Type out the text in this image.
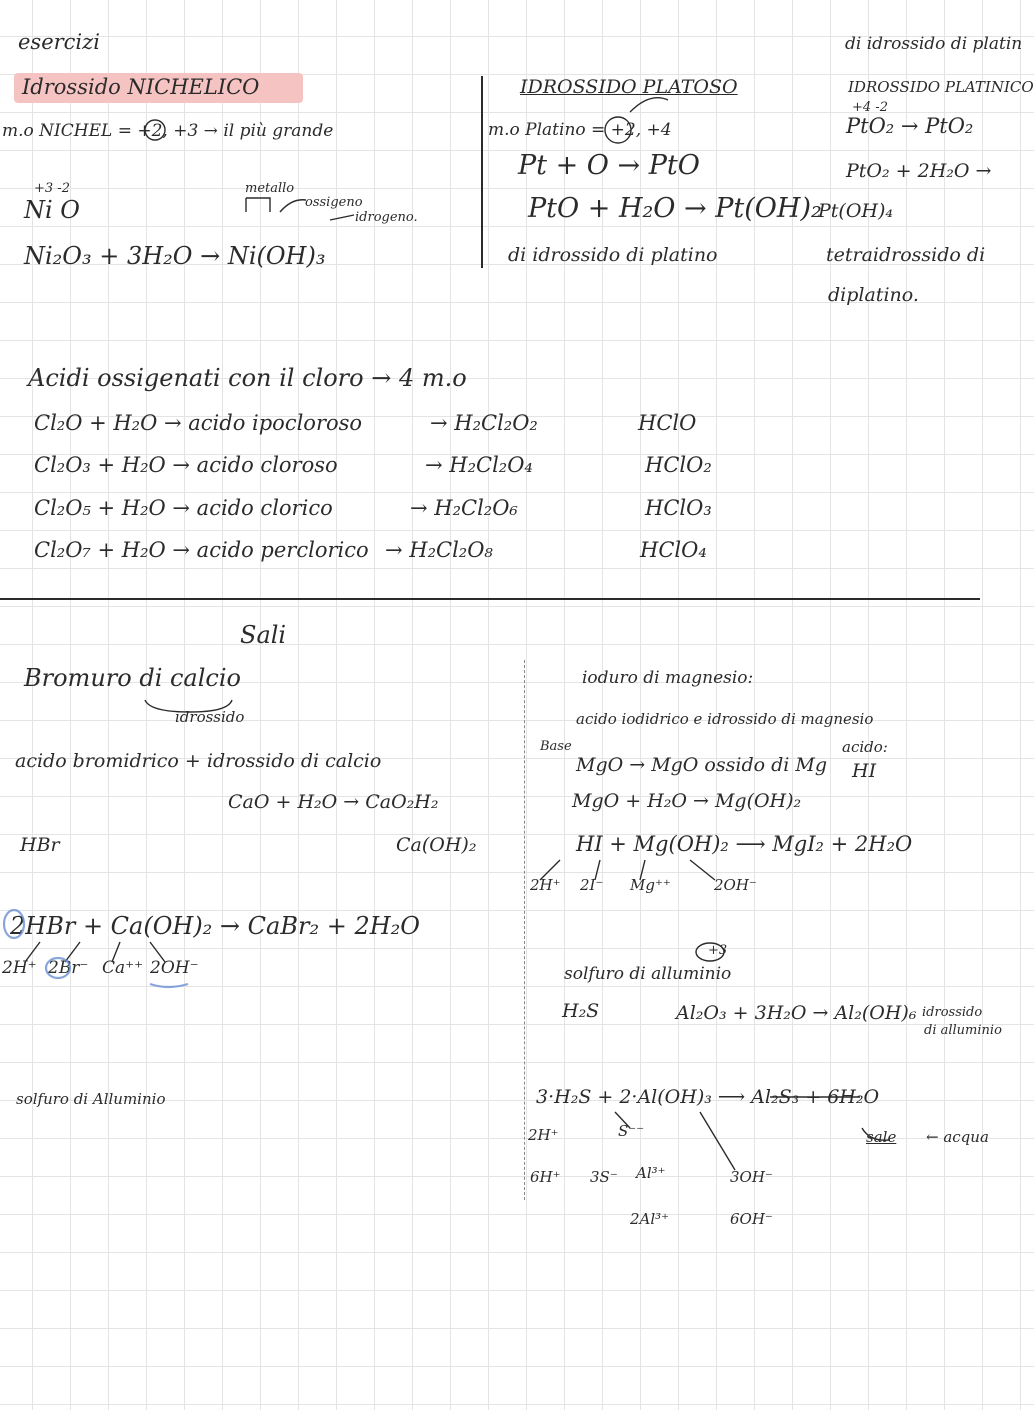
esercizi	di idrossido di platin
Idrossido NICHELICO
m.o NICHEL = +2, +3 → il più grande
+3 -2
Ni O
metallo
ossigeno
idrogeno.
Ni₂O₃ + 3H₂O → Ni(OH)₃
IDROSSIDO PLATOSO
m.o Platino = +2, +4
Pt + O → PtO
PtO + H₂O → Pt(OH)₂
di idrossido di platino
IDROSSIDO PLATINICO
+4 -2
PtO₂ → PtO₂
PtO₂ + 2H₂O →
Pt(OH)₄
tetraidrossido di
diplatino.
Acidi ossigenati con il cloro → 4 m.o
Cl₂O + H₂O → acido ipocloroso	→ H₂Cl₂O₂	HClO
Cl₂O₃ + H₂O → acido cloroso	→ H₂Cl₂O₄	HClO₂
Cl₂O₅ + H₂O → acido clorico	→ H₂Cl₂O₆	HClO₃
Cl₂O₇ + H₂O → acido perclorico → H₂Cl₂O₈	HClO₄
Sali
Bromuro di calcio
idrossido
acido bromidrico + idrossido di calcio
CaO + H₂O → CaO₂H₂
HBr	Ca(OH)₂
2HBr + Ca(OH)₂ → CaBr₂ + 2H₂O
2H⁺ 2Br⁻ Ca⁺⁺ 2OH⁻
solfuro di Alluminio
ioduro di magnesio:
acido iodidrico e idrossido di magnesio
Base	acido:
HI
MgO → MgO ossido di Mg
MgO + H₂O → Mg(OH)₂
HI + Mg(OH)₂ ⟶ MgI₂ + 2H₂O
2H⁺ 2I⁻ Mg⁺⁺	2OH⁻
+3
solfuro di alluminio
H₂S	Al₂O₃ + 3H₂O → Al₂(OH)₆ idrossido
di alluminio
3·H₂S + 2·Al(OH)₃ ⟶ Al₂S₃ + 6H₂O
sale ← acqua
2H⁺	S⁻⁻
6H⁺ 3S⁻ Al³⁺	3OH⁻
2Al³⁺	6OH⁻
